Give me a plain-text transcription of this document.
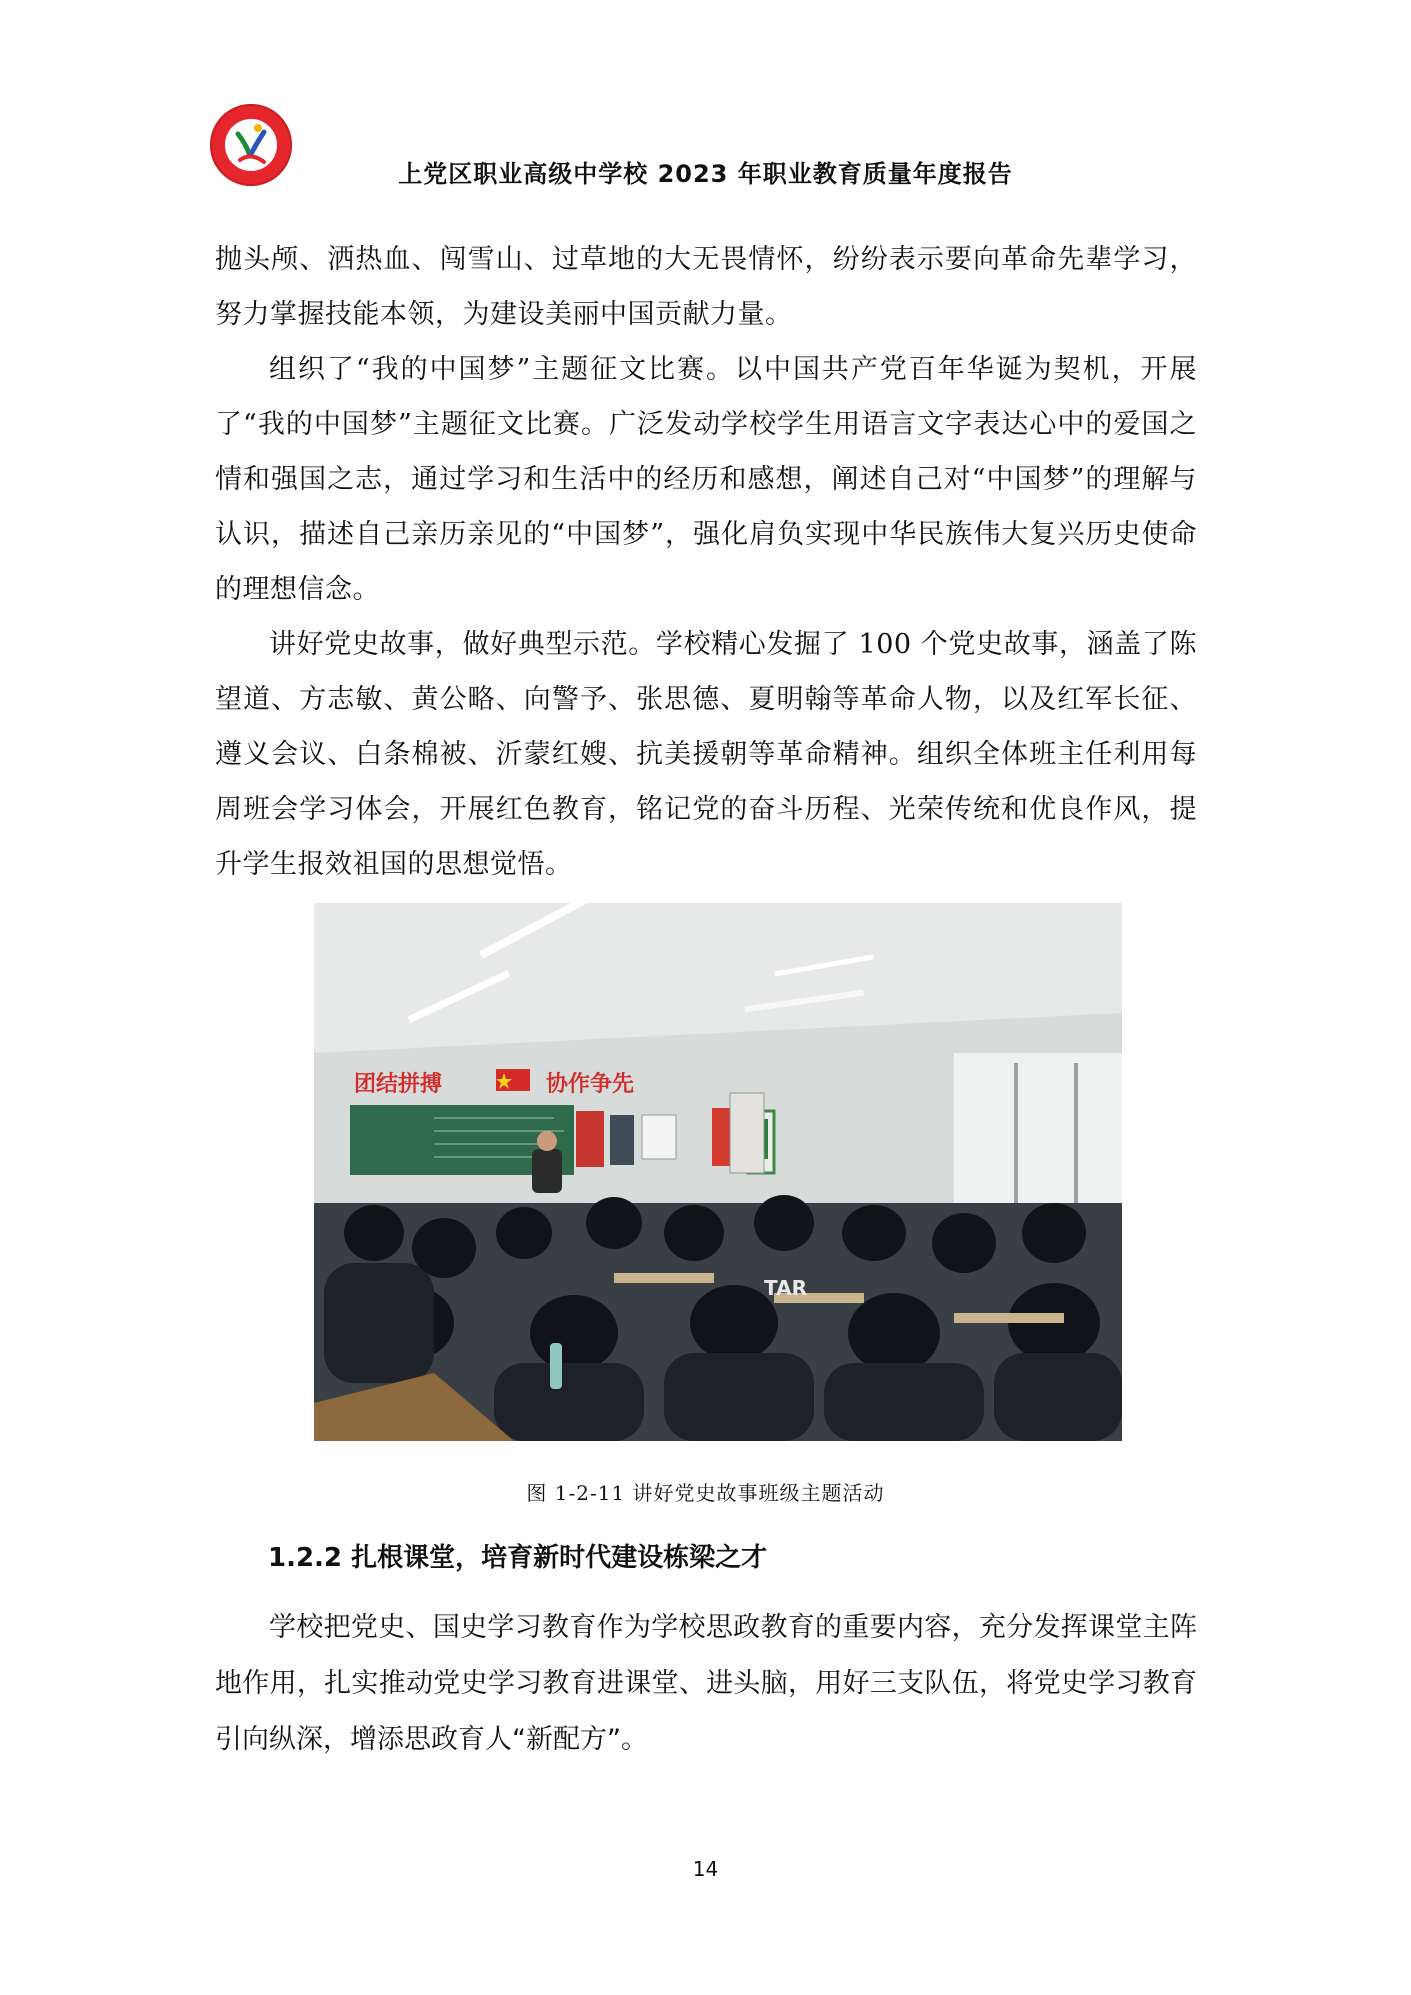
上党区职业高级中学校 2023 年职业教育质量年度报告

抛头颅、洒热血、闯雪山、过草地的大无畏情怀，纷纷表示要向革命先辈学习，努力掌握技能本领，为建设美丽中国贡献力量。

组织了“我的中国梦”主题征文比赛。以中国共产党百年华诞为契机，开展了“我的中国梦”主题征文比赛。广泛发动学校学生用语言文字表达心中的爱国之情和强国之志，通过学习和生活中的经历和感想，阐述自己对“中国梦”的理解与认识，描述自己亲历亲见的“中国梦”，强化肩负实现中华民族伟大复兴历史使命的理想信念。

讲好党史故事，做好典型示范。学校精心发掘了 100 个党史故事，涵盖了陈望道、方志敏、黄公略、向警予、张思德、夏明翰等革命人物，以及红军长征、遵义会议、白条棉被、沂蒙红嫂、抗美援朝等革命精神。组织全体班主任利用每周班会学习体会，开展红色教育，铭记党的奋斗历程、光荣传统和优良作风，提升学生报效祖国的思想觉悟。

团结拼搏	协作争先
TAR
图 1-2-11 讲好党史故事班级主题活动
1.2.2 扎根课堂，培育新时代建设栋梁之才

学校把党史、国史学习教育作为学校思政教育的重要内容，充分发挥课堂主阵地作用，扎实推动党史学习教育进课堂、进头脑，用好三支队伍，将党史学习教育引向纵深，增添思政育人“新配方”。

14
